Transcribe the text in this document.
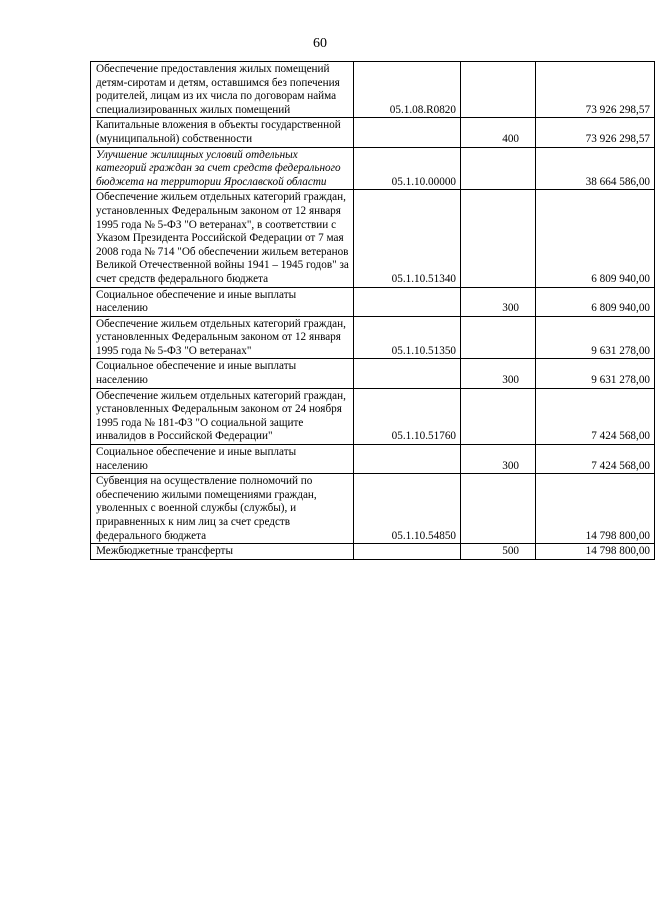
60
Обеспечение предоставления жилых помещений детям-сиротам и детям, оставшимся без попечения родителей, лицам из их числа по договорам найма специализированных жилых помещений	05.1.08.R0820		73 926 298,57
Капитальные вложения в объекты государственной (муниципальной) собственности		400	73 926 298,57
Улучшение жилищных условий отдельных категорий граждан за счет средств федерального бюджета на территории Ярославской области	05.1.10.00000		38 664 586,00
Обеспечение жильем отдельных категорий граждан, установленных Федеральным законом от 12 января 1995 года № 5-ФЗ "О ветеранах", в соответствии с Указом Президента Российской Федерации от 7 мая 2008 года № 714 "Об обеспечении жильем ветеранов Великой Отечественной войны 1941 – 1945 годов" за счет средств федерального бюджета	05.1.10.51340		6 809 940,00
Социальное обеспечение и иные выплаты населению		300	6 809 940,00
Обеспечение жильем отдельных категорий граждан, установленных Федеральным законом от 12 января 1995 года № 5-ФЗ "О ветеранах"	05.1.10.51350		9 631 278,00
Социальное обеспечение и иные выплаты населению		300	9 631 278,00
Обеспечение жильем отдельных категорий граждан, установленных Федеральным законом от 24 ноября 1995 года № 181-ФЗ "О социальной защите инвалидов в Российской Федерации"	05.1.10.51760		7 424 568,00
Социальное обеспечение и иные выплаты населению		300	7 424 568,00
Субвенция на осуществление полномочий по обеспечению жилыми помещениями граждан, уволенных с военной службы (службы), и приравненных к ним лиц за счет средств федерального бюджета	05.1.10.54850		14 798 800,00
Межбюджетные трансферты		500	14 798 800,00
